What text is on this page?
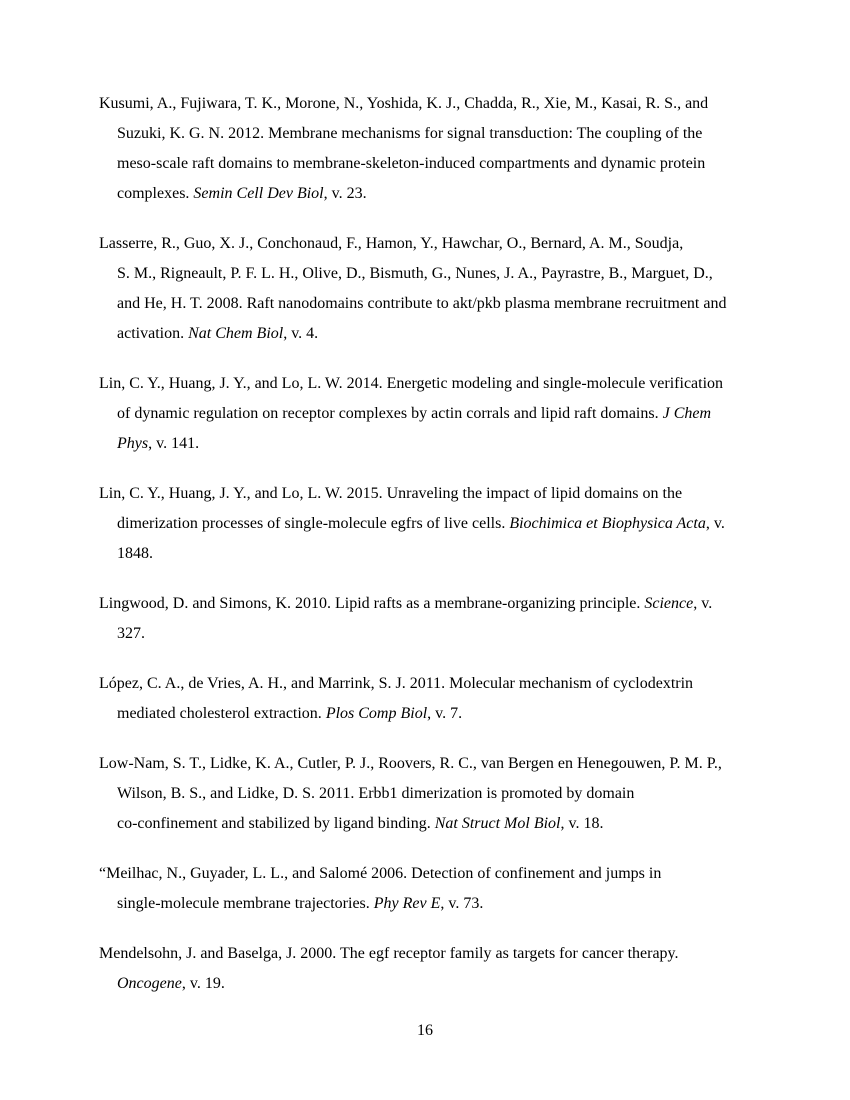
Kusumi, A., Fujiwara, T. K., Morone, N., Yoshida, K. J., Chadda, R., Xie, M., Kasai, R. S., and
Suzuki, K. G. N. 2012. Membrane mechanisms for signal transduction: The coupling of the
meso-scale raft domains to membrane-skeleton-induced compartments and dynamic protein
complexes. Semin Cell Dev Biol, v. 23.
Lasserre, R., Guo, X. J., Conchonaud, F., Hamon, Y., Hawchar, O., Bernard, A. M., Soudja,
S. M., Rigneault, P. F. L. H., Olive, D., Bismuth, G., Nunes, J. A., Payrastre, B., Marguet, D.,
and He, H. T. 2008. Raft nanodomains contribute to akt/pkb plasma membrane recruitment and
activation. Nat Chem Biol, v. 4.
Lin, C. Y., Huang, J. Y., and Lo, L. W. 2014. Energetic modeling and single-molecule verification
of dynamic regulation on receptor complexes by actin corrals and lipid raft domains. J Chem
Phys, v. 141.
Lin, C. Y., Huang, J. Y., and Lo, L. W. 2015. Unraveling the impact of lipid domains on the
dimerization processes of single-molecule egfrs of live cells. Biochimica et Biophysica Acta, v.
1848.
Lingwood, D. and Simons, K. 2010. Lipid rafts as a membrane-organizing principle. Science, v.
327.
López, C. A., de Vries, A. H., and Marrink, S. J. 2011. Molecular mechanism of cyclodextrin
mediated cholesterol extraction. Plos Comp Biol, v. 7.
Low-Nam, S. T., Lidke, K. A., Cutler, P. J., Roovers, R. C., van Bergen en Henegouwen, P. M. P.,
Wilson, B. S., and Lidke, D. S. 2011. Erbb1 dimerization is promoted by domain
co-confinement and stabilized by ligand binding. Nat Struct Mol Biol, v. 18.
“Meilhac, N., Guyader, L. L., and Salomé 2006. Detection of confinement and jumps in
single-molecule membrane trajectories. Phy Rev E, v. 73.
Mendelsohn, J. and Baselga, J. 2000. The egf receptor family as targets for cancer therapy.
Oncogene, v. 19.
16
